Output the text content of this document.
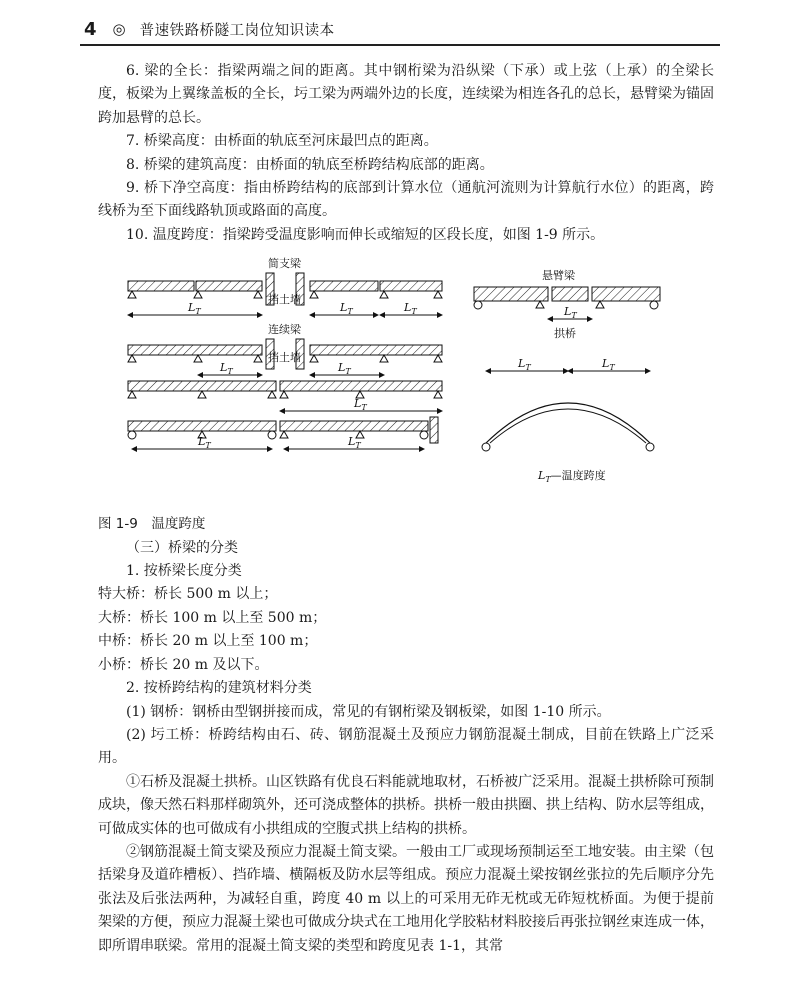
4 ◎ 普速铁路桥隧工岗位知识读本

6. 梁的全长：指梁两端之间的距离。其中钢桁梁为沿纵梁（下承）或上弦（上承）的全梁长度，板梁为上翼缘盖板的全长，圬工梁为两端外边的长度，连续梁为相连各孔的总长，悬臂梁为锚固跨加悬臂的总长。

7. 桥梁高度：由桥面的轨底至河床最凹点的距离。

8. 桥梁的建筑高度：由桥面的轨底至桥跨结构底部的距离。

9. 桥下净空高度：指由桥跨结构的底部到计算水位（通航河流则为计算航行水位）的距离，跨线桥为至下面线路轨顶或路面的高度。

10. 温度跨度：指梁跨受温度影响而伸长或缩短的区段长度，如图 1-9 所示。

$L_T$	$L_T$	$L_T$
简支梁
挡土墙
$L_T$	$L_T$
连续梁
挡土墙
$L_T$
$L_T$	$L_T$
悬臂梁
$L_T$
拱桥
$L_T$	$L_T$
$L_T—$温度跨度

图 1-9　温度跨度

（三）桥梁的分类

1. 按桥梁长度分类

特大桥：桥长 500 m 以上；

大桥：桥长 100 m 以上至 500 m；

中桥：桥长 20 m 以上至 100 m；

小桥：桥长 20 m 及以下。

2. 按桥跨结构的建筑材料分类

(1) 钢桥：钢桥由型钢拼接而成，常见的有钢桁梁及钢板梁，如图 1-10 所示。

(2) 圬工桥：桥跨结构由石、砖、钢筋混凝土及预应力钢筋混凝土制成，目前在铁路上广泛采用。

①石桥及混凝土拱桥。山区铁路有优良石料能就地取材，石桥被广泛采用。混凝土拱桥除可预制成块，像天然石料那样砌筑外，还可浇成整体的拱桥。拱桥一般由拱圈、拱上结构、防水层等组成，可做成实体的也可做成有小拱组成的空腹式拱上结构的拱桥。

②钢筋混凝土简支梁及预应力混凝土简支梁。一般由工厂或现场预制运至工地安装。由主梁（包括梁身及道砟槽板）、挡砟墙、横隔板及防水层等组成。预应力混凝土梁按钢丝张拉的先后顺序分先张法及后张法两种，为减轻自重，跨度 40 m 以上的可采用无砟无枕或无砟短枕桥面。为便于提前架梁的方便，预应力混凝土梁也可做成分块式在工地用化学胶粘材料胶接后再张拉钢丝束连成一体，即所谓串联梁。常用的混凝土简支梁的类型和跨度见表 1-1，其常
